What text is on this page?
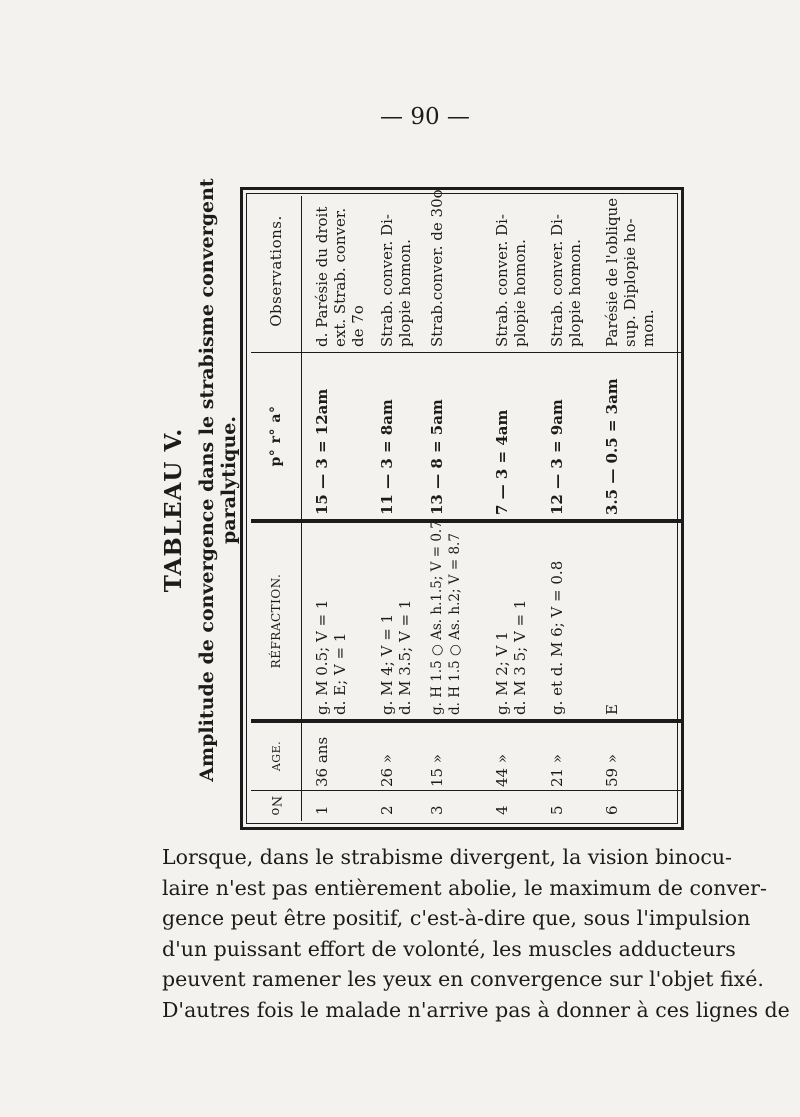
— 90 —
TABLEAU V. Amplitude de convergence dans le strabisme convergent paralytique.
No
AGE.
RÉFRACTION.
p° r° a°
Observations.
1
36 ans
g. M 0.5; V = 1
d. E; V = 1
15 — 3 = 12am
d. Parésie du droit
ext. Strab. conver.
de 7o
2
26 »
g. M 4; V = 1
d. M 3.5; V = 1
11 — 3 = 8am
Strab. conver. Di-
plopie homon.
3
15 »
g. H 1.5 ○ As. h.1.5; V = 0.7
d. H 1.5 ○ As. h.2; V = 8.7
13 — 8 = 5am
Strab.conver. de 30o
4
44 »
g. M 2; V 1
d. M 3 5; V = 1
7 — 3 = 4am
Strab. conver. Di-
plopie homon.
5
21 »
g. et d. M 6; V = 0.8
12 — 3 = 9am
Strab. conver. Di-
plopie homon.
6
59 »
E
3.5 — 0.5 = 3am
Parésie de l'oblique
sup. Diplopie ho-
mon.
Lorsque, dans le strabisme divergent, la vision binocu-
laire n'est pas entièrement abolie, le maximum de conver-
gence peut être positif, c'est-à-dire que, sous l'impulsion
d'un puissant effort de volonté, les muscles adducteurs
peuvent ramener les yeux en convergence sur l'objet fixé.
D'autres fois le malade n'arrive pas à donner à ces lignes de
